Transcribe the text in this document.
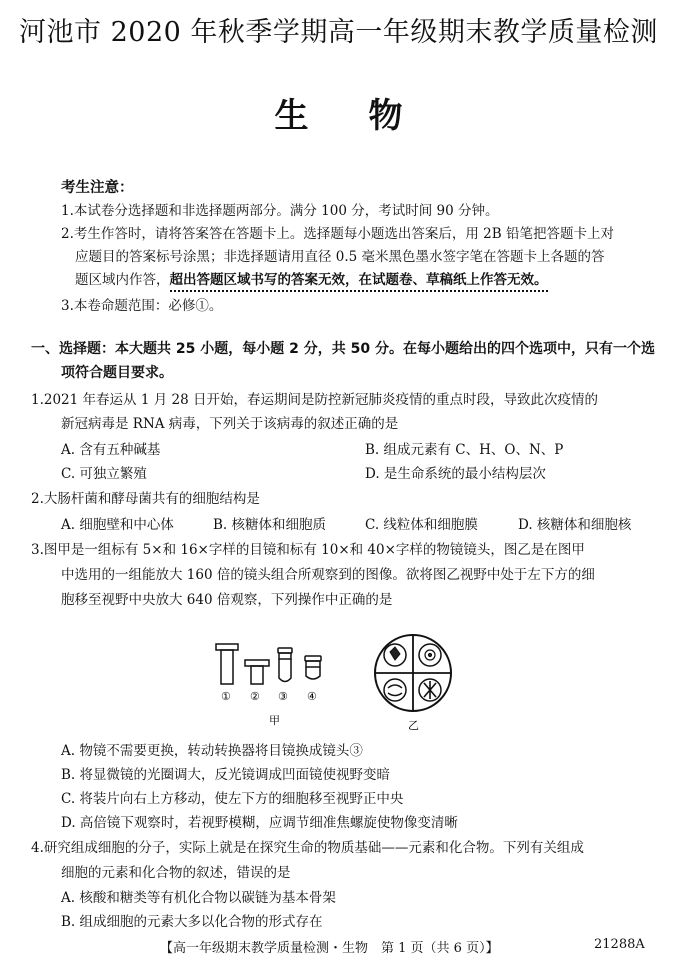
河池市 2020 年秋季学期高一年级期末教学质量检测
生物
考生注意：
1.本试卷分选择题和非选择题两部分。满分 100 分，考试时间 90 分钟。
2.考生作答时，请将答案答在答题卡上。选择题每小题选出答案后，用 2B 铅笔把答题卡上对
应题目的答案标号涂黑；非选择题请用直径 0.5 毫米黑色墨水签字笔在答题卡上各题的答
题区域内作答，超出答题区域书写的答案无效，在试题卷、草稿纸上作答无效。
3.本卷命题范围：必修①。
一、选择题：本大题共 25 小题，每小题 2 分，共 50 分。在每小题给出的四个选项中，只有一个选
项符合题目要求。
1.2021 年春运从 1 月 28 日开始，春运期间是防控新冠肺炎疫情的重点时段，导致此次疫情的
新冠病毒是 RNA 病毒，下列关于该病毒的叙述正确的是
A. 含有五种碱基	B. 组成元素有 C、H、O、N、P
C. 可独立繁殖	D. 是生命系统的最小结构层次
2.大肠杆菌和酵母菌共有的细胞结构是
A. 细胞壁和中心体	B. 核糖体和细胞质	C. 线粒体和细胞膜	D. 核糖体和细胞核
3.图甲是一组标有 5×和 16×字样的目镜和标有 10×和 40×字样的物镜镜头，图乙是在图甲
中选用的一组能放大 160 倍的镜头组合所观察到的图像。欲将图乙视野中处于左下方的细
胞移至视野中央放大 640 倍观察，下列操作中正确的是
① ② ③ ④
甲	乙
A. 物镜不需要更换，转动转换器将目镜换成镜头③
B. 将显微镜的光圈调大，反光镜调成凹面镜使视野变暗
C. 将装片向右上方移动，使左下方的细胞移至视野正中央
D. 高倍镜下观察时，若视野模糊，应调节细准焦螺旋使物像变清晰
4.研究组成细胞的分子，实际上就是在探究生命的物质基础——元素和化合物。下列有关组成
细胞的元素和化合物的叙述，错误的是
A. 核酸和糖类等有机化合物以碳链为基本骨架
B. 组成细胞的元素大多以化合物的形式存在
【高一年级期末教学质量检测・生物　第 1 页（共 6 页）】	21288A
